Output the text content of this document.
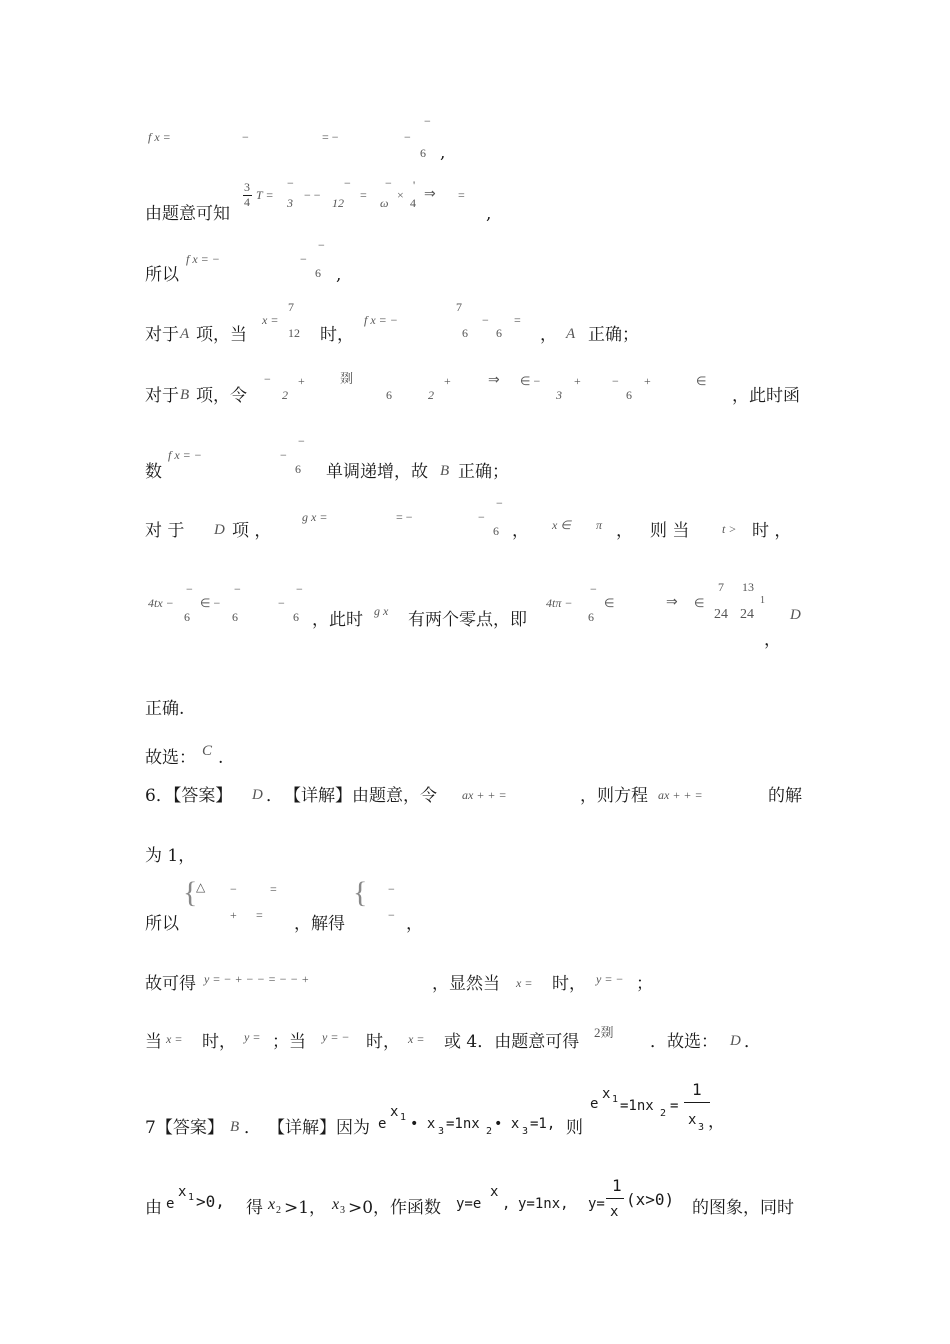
f x =	−	= −	−
−
6 ,
由题意可知
3
4 T =
−
3
− −
−
12
=
−
ω
×
'
4
⇒ =
,
所以
f x = −	−
−
6 ,
对于 A 项，当
x =
7
12 时，
f x = −
7
6
−
6
=
， A 正确；
对于 B 项，令
−
2
+	剟
6	2
+	⇒ ∈ −
3
+	−
6
+	∈
，此时函
数
f x = −	−
−
6 单调递增，故 B 正确；
对 于 D 项 ，
g x =	= −	−
−
6 ， x ∈ π ， 则 当	t > 时 ，
4tx −
−
6
∈ −
−
6
−
−
6 ，此时 g x 有两个零点，即
4tπ −
−
6
∈	⇒ ∈
7 13
24 24
1
D
，
正确.
故选： C .
6．【答案】 D ． 【详解】由题意，令 ax + + =	，则方程 ax + + =	的解
为 1，
所以
{
△ −	=
+ = ，解得
{ −
− ，
故可得 y = − + − − = − − +	，显然当 x = 时， y = − ；
当 x = 时， y = ；当 y = − 时， x = 或 4．由题意可得 2剟 ．故选： D ．
7【答案】 B ． 【详解】因为 e
x 1 • x 3 =1nx 2 • x 3 =1, 则
e
x 1 =1nx 2 =
1
x 3 ，
由 e
x 1 >0, 得 x 2 >1， x 3 >0，作函数 y=e
x
, y=1nx, y=
1
x
(x>0) 的图象，同时
